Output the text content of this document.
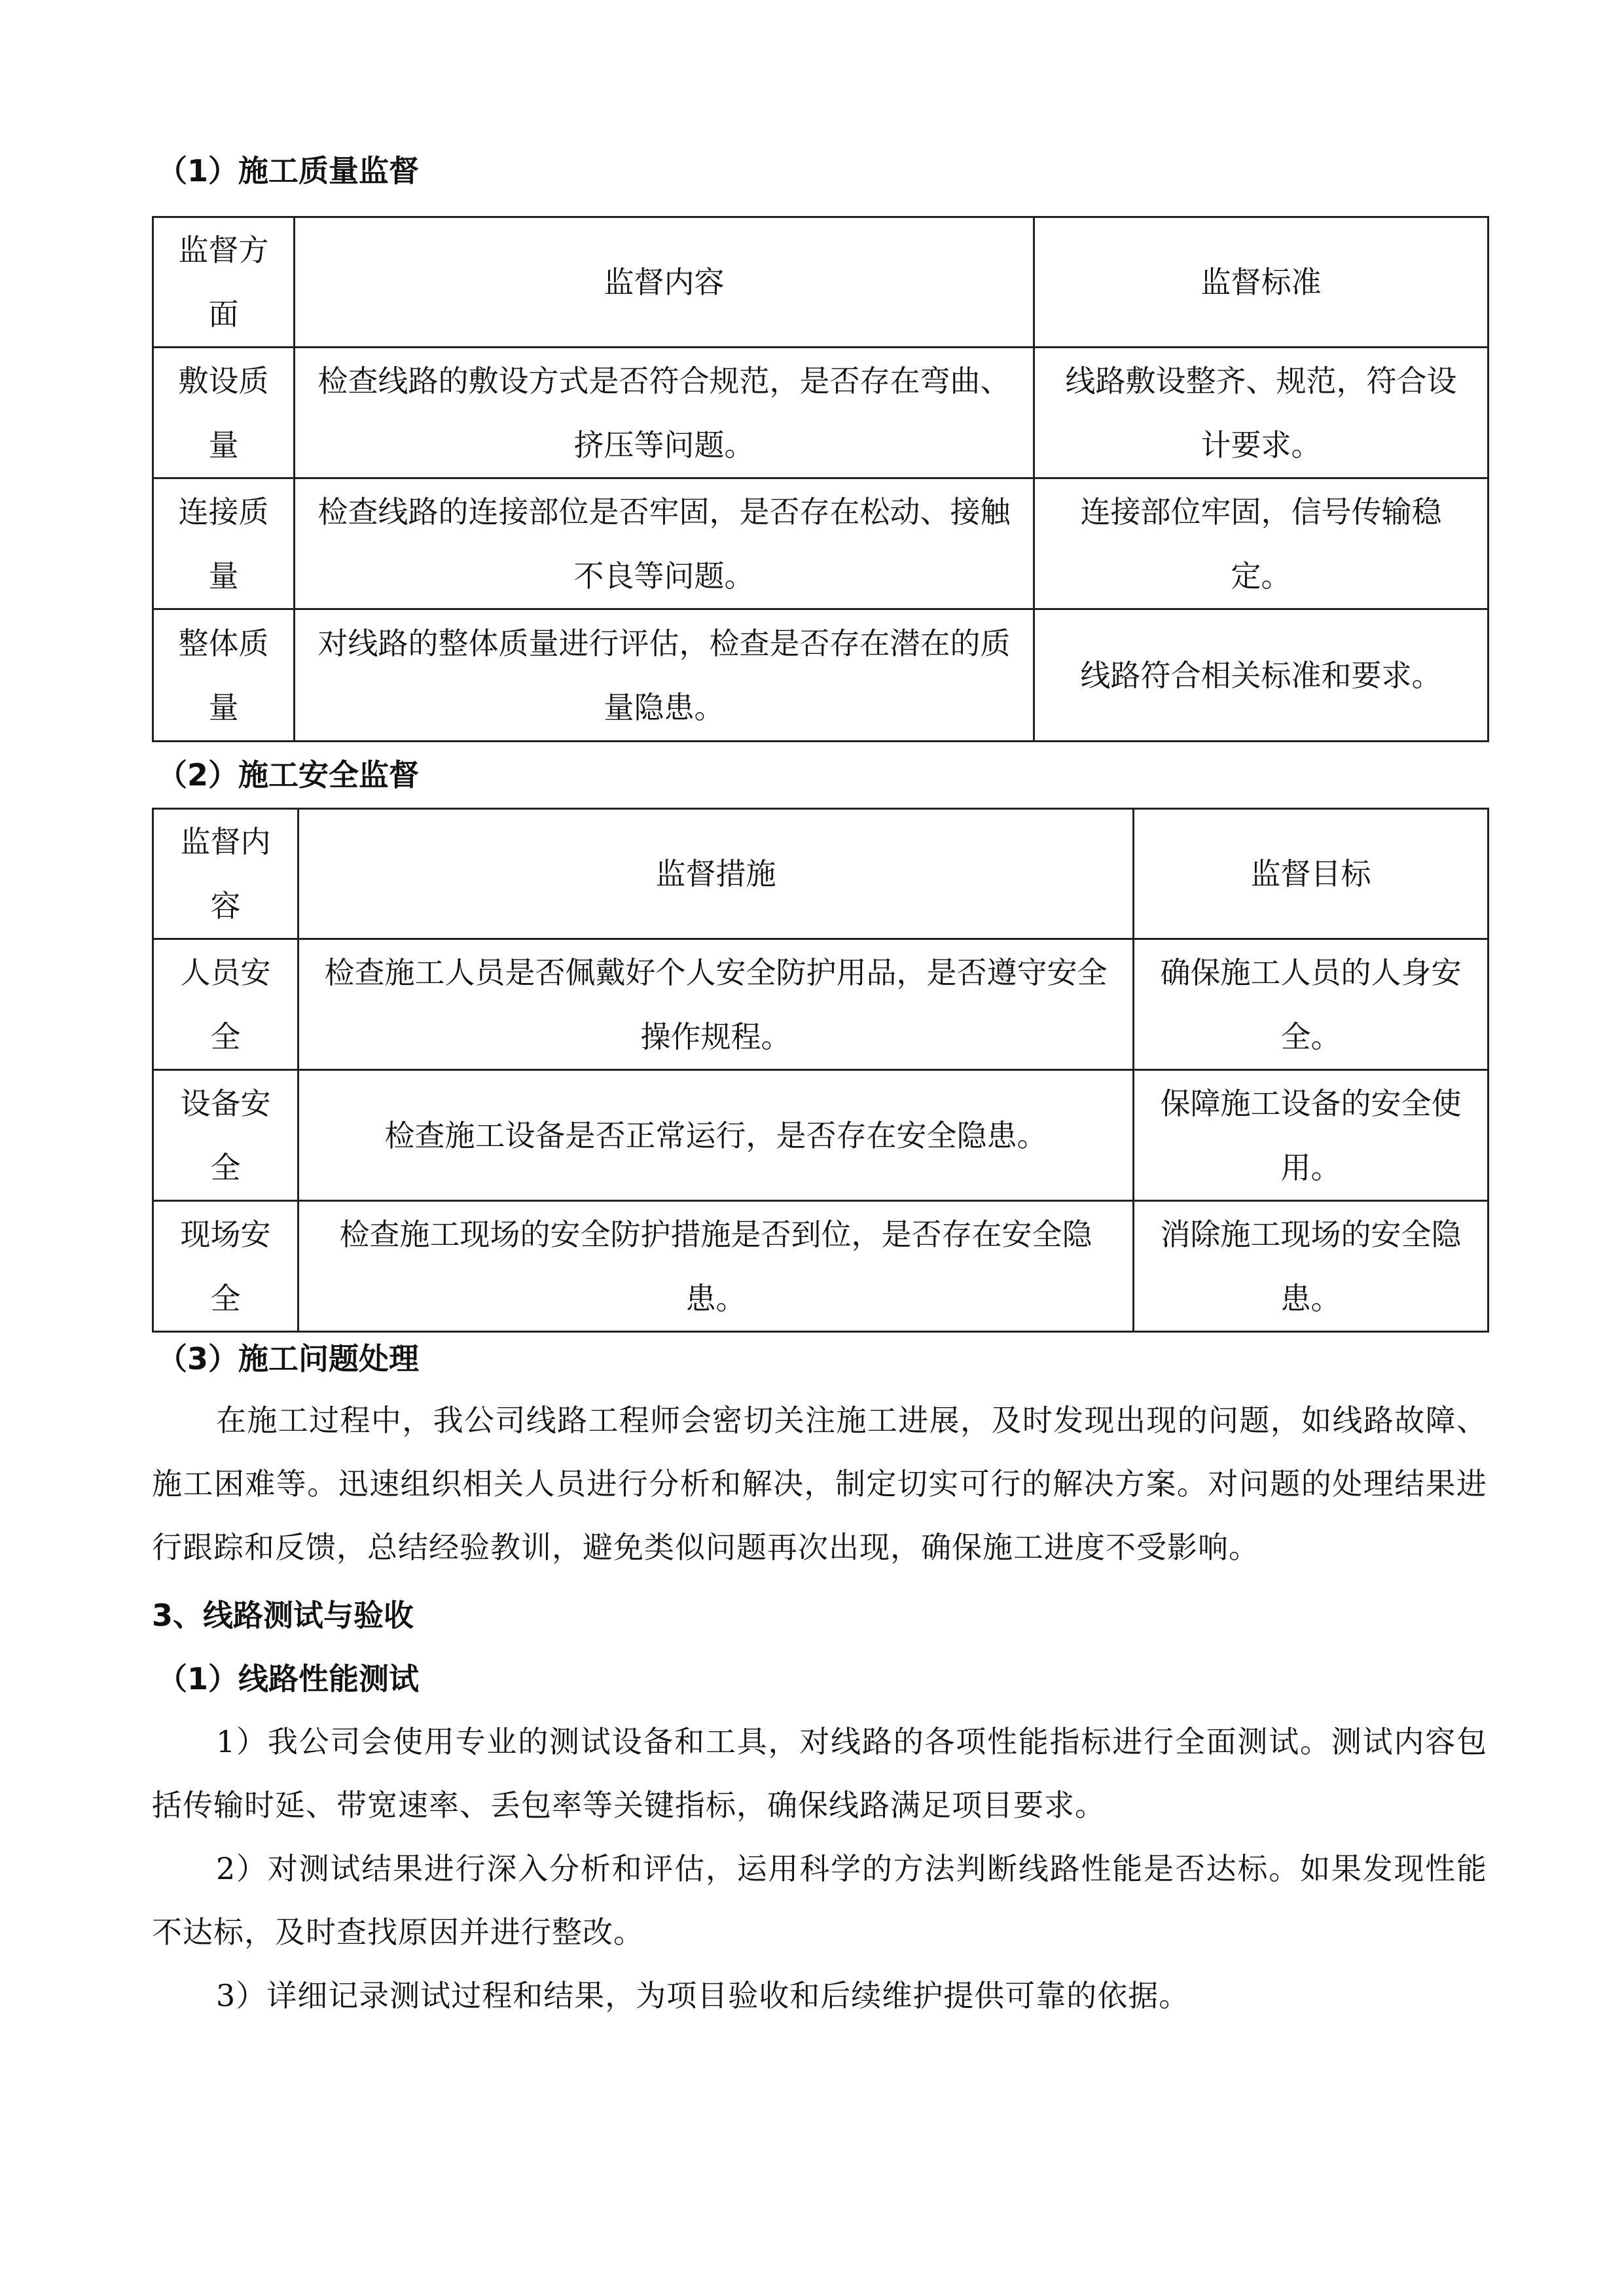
（1）施工质量监督

监督方面	监督内容	监督标准
敷设质量	检查线路的敷设方式是否符合规范，是否存在弯曲、挤压等问题。	线路敷设整齐、规范，符合设计要求。
连接质量	检查线路的连接部位是否牢固，是否存在松动、接触不良等问题。	连接部位牢固，信号传输稳定。
整体质量	对线路的整体质量进行评估，检查是否存在潜在的质量隐患。	线路符合相关标准和要求。

（2）施工安全监督

监督内容	监督措施	监督目标
人员安全	检查施工人员是否佩戴好个人安全防护用品，是否遵守安全操作规程。	确保施工人员的人身安全。
设备安全	检查施工设备是否正常运行，是否存在安全隐患。	保障施工设备的安全使用。
现场安全	检查施工现场的安全防护措施是否到位，是否存在安全隐患。	消除施工现场的安全隐患。

（3）施工问题处理

在施工过程中，我公司线路工程师会密切关注施工进展，及时发现出现的问题，如线路故障、施工困难等。迅速组织相关人员进行分析和解决，制定切实可行的解决方案。对问题的处理结果进行跟踪和反馈，总结经验教训，避免类似问题再次出现，确保施工进度不受影响。

3、线路测试与验收

（1）线路性能测试

1）我公司会使用专业的测试设备和工具，对线路的各项性能指标进行全面测试。测试内容包括传输时延、带宽速率、丢包率等关键指标，确保线路满足项目要求。

2）对测试结果进行深入分析和评估，运用科学的方法判断线路性能是否达标。如果发现性能不达标，及时查找原因并进行整改。

3）详细记录测试过程和结果，为项目验收和后续维护提供可靠的依据。
